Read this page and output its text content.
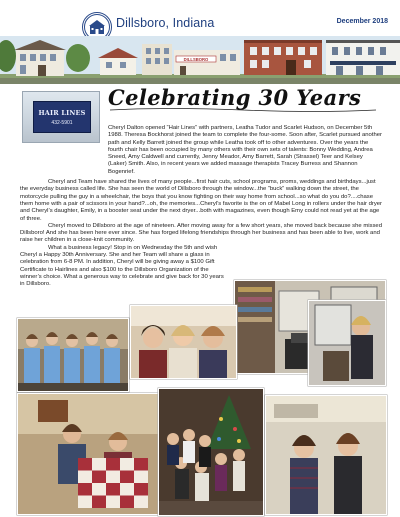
Dillsboro, Indiana	December 2018
DILLSBORO
HAIR LINES
432-5901
Celebrating 30 Years

Cheryl Dalton opened “Hair Lines” with partners, Leatha Tudor and Scarlet Hudson, on December 5th 1988. Theresa Bockhorst joined the team to complete the four-some. Soon after, Scarlet pursued another path and Kelly Barrett joined the group while Leatha took off to other adventures. Over the years the fourth chair has been occupied by many others with their own sets of talents: Bonny Wedding, Andrea Sneed, Amy Caldwell and currently, Jenny Meador, Amy Barrett, Sarah (Strassel) Teer and Kelsey (Laker) Smith. Also, in recent years we added massage therapists Tracey Burress and Shannon Bogenrief.

Cheryl and Team have shared the lives of many people...first hair cuts, school programs, proms, weddings and birthdays...just the everyday business called life. She has seen the world of Dillsboro through the window...the “buck” walking down the street, the motorcycle pulling the guy in a wheelchair, the boys that you know fighting on their way home from school...so what do you do?....chase them home with a pair of scissors in your hand?...oh, the memories...Cheryl’s favorite is the on of Mabel Long in rollers under the hair dryer and Cheryl’s daughter, Emily, in a booster seat under the next dryer...both with magazines, even though Emy could not read yet at the age of three.

Cheryl moved to Dillsboro at the age of nineteen. After moving away for a few short years, she moved back because she missed Dillsboro! And she has been here ever since. She has forged lifelong friendships through her business and has been able to live, work and raise her children in a close-knit community.

What a business legacy! Stop in on Wednesday the 5th and wish Cheryl a Happy 30th Anniversary. She and her Team will share a glass in celebration from 6-8 PM. In addition, Cheryl will be giving away a $100 Gift Certificate to Hairlines and also $100 to the Dillsboro Organization of the winner’s choice. What a generous way to celebrate and give back for 30 years in Dillsboro.
